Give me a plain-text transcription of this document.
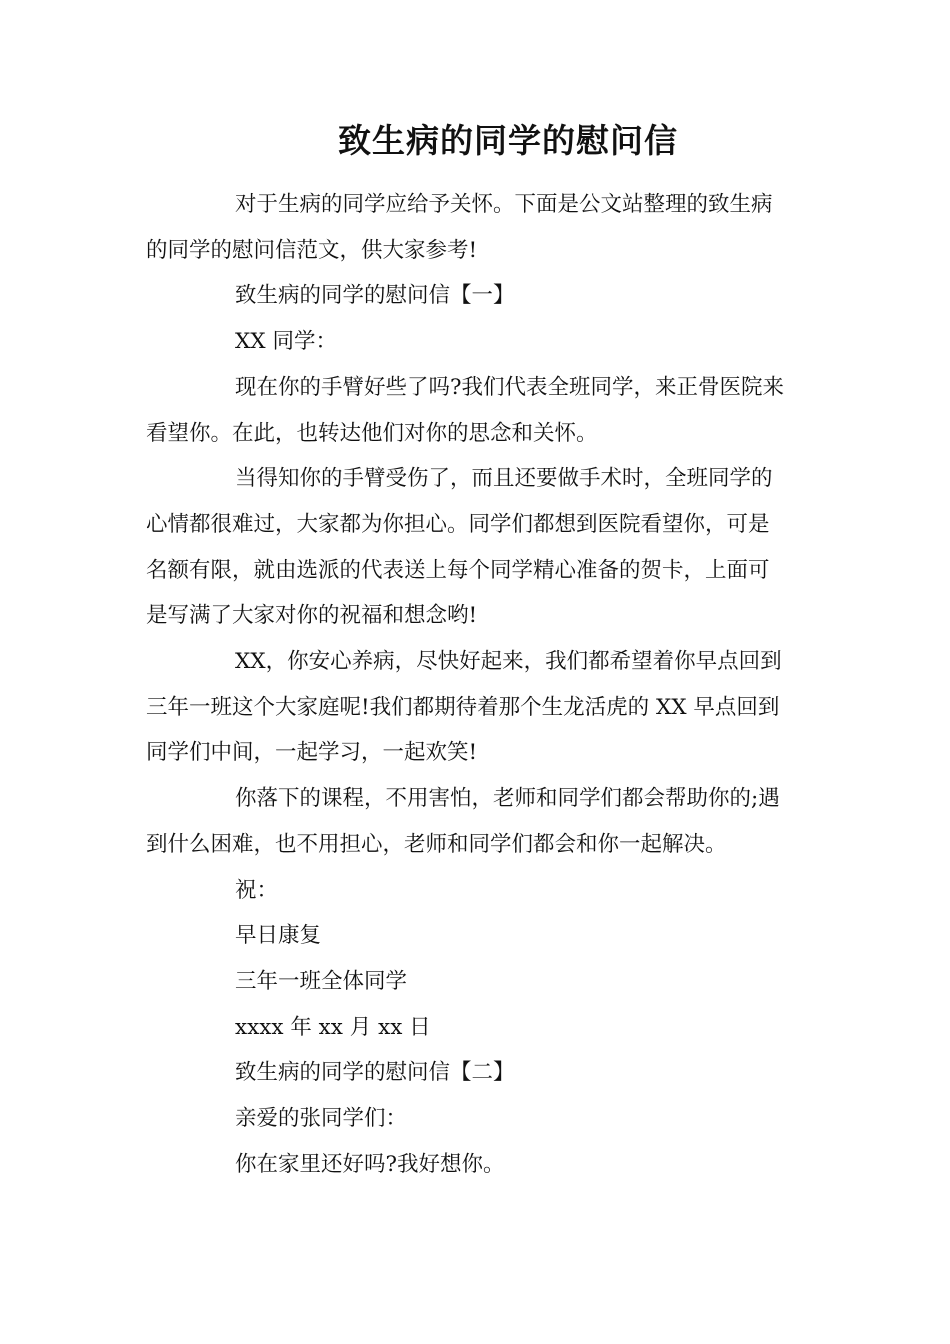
致生病的同学的慰问信

对于生病的同学应给予关怀。下面是公文站整理的致生病
的同学的慰问信范文，供大家参考!

致生病的同学的慰问信【一】

XX 同学：

现在你的手臂好些了吗?我们代表全班同学，来正骨医院来
看望你。在此，也转达他们对你的思念和关怀。

当得知你的手臂受伤了，而且还要做手术时，全班同学的
心情都很难过，大家都为你担心。同学们都想到医院看望你，可是
名额有限，就由选派的代表送上每个同学精心准备的贺卡，上面可
是写满了大家对你的祝福和想念哟!

XX，你安心养病，尽快好起来，我们都希望着你早点回到
三年一班这个大家庭呢!我们都期待着那个生龙活虎的 XX 早点回到
同学们中间，一起学习，一起欢笑!

你落下的课程，不用害怕，老师和同学们都会帮助你的;遇
到什么困难，也不用担心，老师和同学们都会和你一起解决。

祝：

早日康复

三年一班全体同学

xxxx 年 xx 月 xx 日

致生病的同学的慰问信【二】

亲爱的张同学们：

你在家里还好吗?我好想你。
